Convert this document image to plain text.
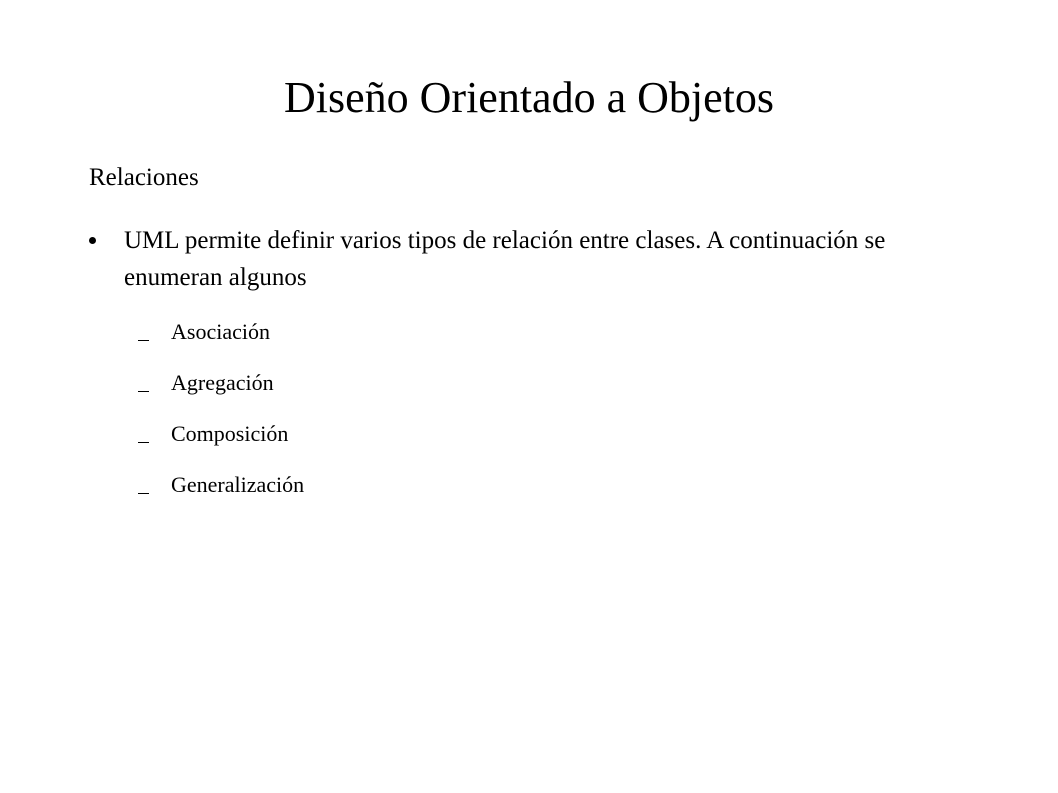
Diseño Orientado a Objetos

Relaciones

UML permite definir varios tipos de relación entre clases. A continuación se enumeran algunos

Asociación
Agregación
Composición
Generalización
